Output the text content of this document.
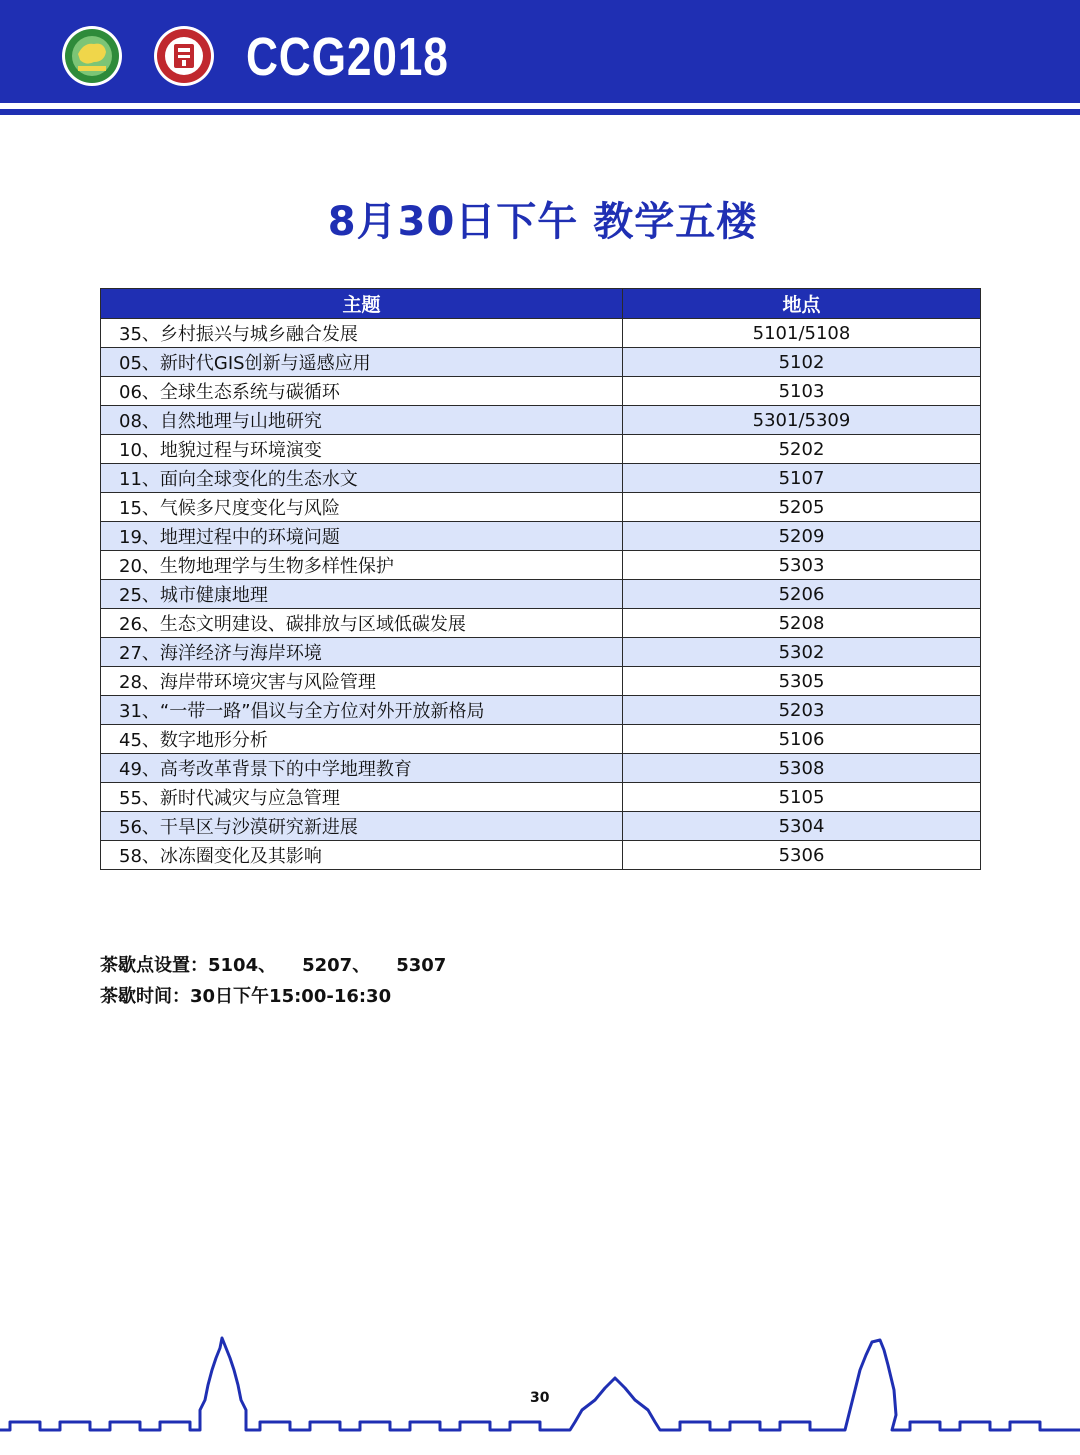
CCG2018
8月30日下午 教学五楼
主题	地点
35、乡村振兴与城乡融合发展	5101/5108
05、新时代GIS创新与遥感应用	5102
06、全球生态系统与碳循环	5103
08、自然地理与山地研究	5301/5309
10、地貌过程与环境演变	5202
11、面向全球变化的生态水文	5107
15、气候多尺度变化与风险	5205
19、地理过程中的环境问题	5209
20、生物地理学与生物多样性保护	5303
25、城市健康地理	5206
26、生态文明建设、碳排放与区域低碳发展	5208
27、海洋经济与海岸环境	5302
28、海岸带环境灾害与风险管理	5305
31、“一带一路”倡议与全方位对外开放新格局	5203
45、数字地形分析	5106
49、高考改革背景下的中学地理教育	5308
55、新时代减灾与应急管理	5105
56、干旱区与沙漠研究新进展	5304
58、冰冻圈变化及其影响	5306
茶歇点设置：5104、 5207、 5307
茶歇时间：30日下午15:00-16:30
30
